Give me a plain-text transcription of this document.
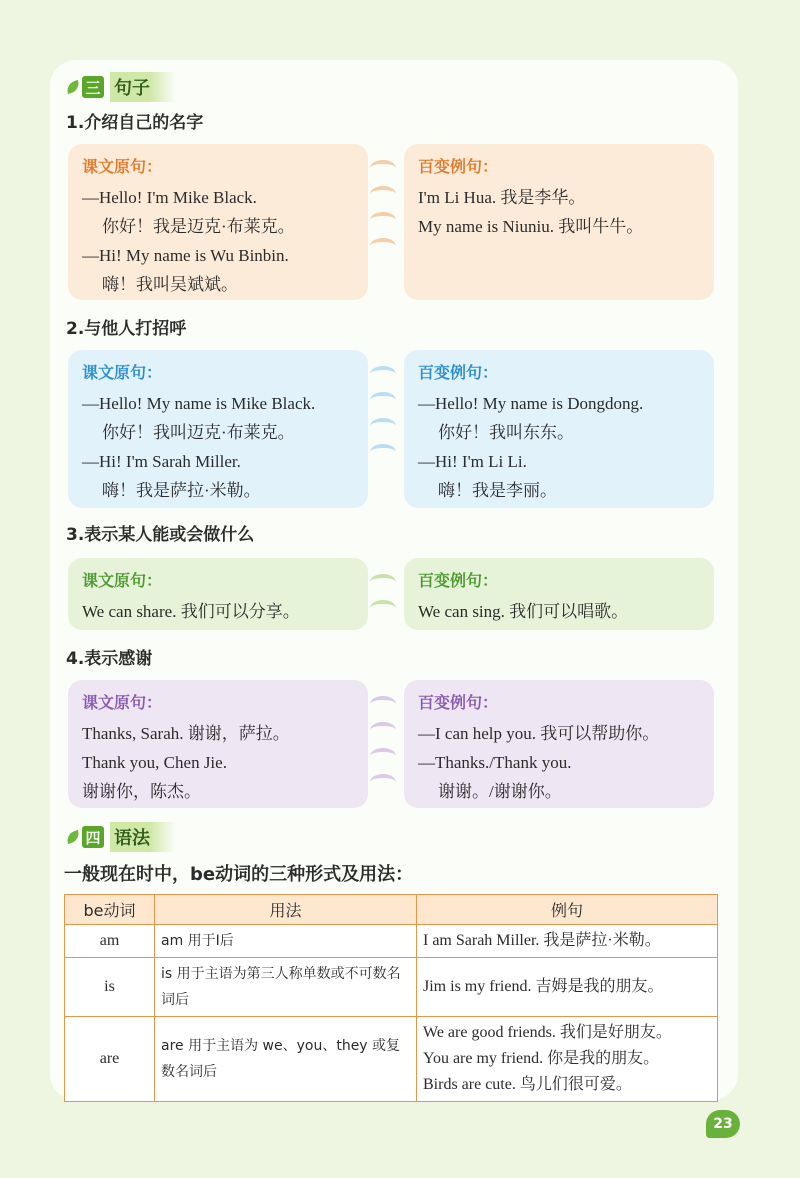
三 句子
1.介绍自己的名字
课文原句：
—Hello! I'm Mike Black.
你好！我是迈克·布莱克。
—Hi! My name is Wu Binbin.
嗨！我叫吴斌斌。
百变例句：
I'm Li Hua. 我是李华。
My name is Niuniu. 我叫牛牛。
2.与他人打招呼
课文原句：
—Hello! My name is Mike Black.
你好！我叫迈克·布莱克。
—Hi! I'm Sarah Miller.
嗨！我是萨拉·米勒。
百变例句：
—Hello! My name is Dongdong.
你好！我叫东东。
—Hi! I'm Li Li.
嗨！我是李丽。
3.表示某人能或会做什么
课文原句：
We can share. 我们可以分享。
百变例句：
We can sing. 我们可以唱歌。
4.表示感谢
课文原句：
Thanks, Sarah. 谢谢，萨拉。
Thank you, Chen Jie.
谢谢你，陈杰。
百变例句：
—I can help you. 我可以帮助你。
—Thanks./Thank you.
谢谢。/谢谢你。
四 语法
一般现在时中，be动词的三种形式及用法：
be动词	用法	例句
am	am 用于I后	I am Sarah Miller. 我是萨拉·米勒。

is	is 用于主语为第三人称单数或不可数名词后	Jim is my friend. 吉姆是我的朋友。

are	are 用于主语为 we、you、they 或复数名词后	We are good friends. 我们是好朋友。
You are my friend. 你是我的朋友。
Birds are cute. 鸟儿们很可爱。
23
